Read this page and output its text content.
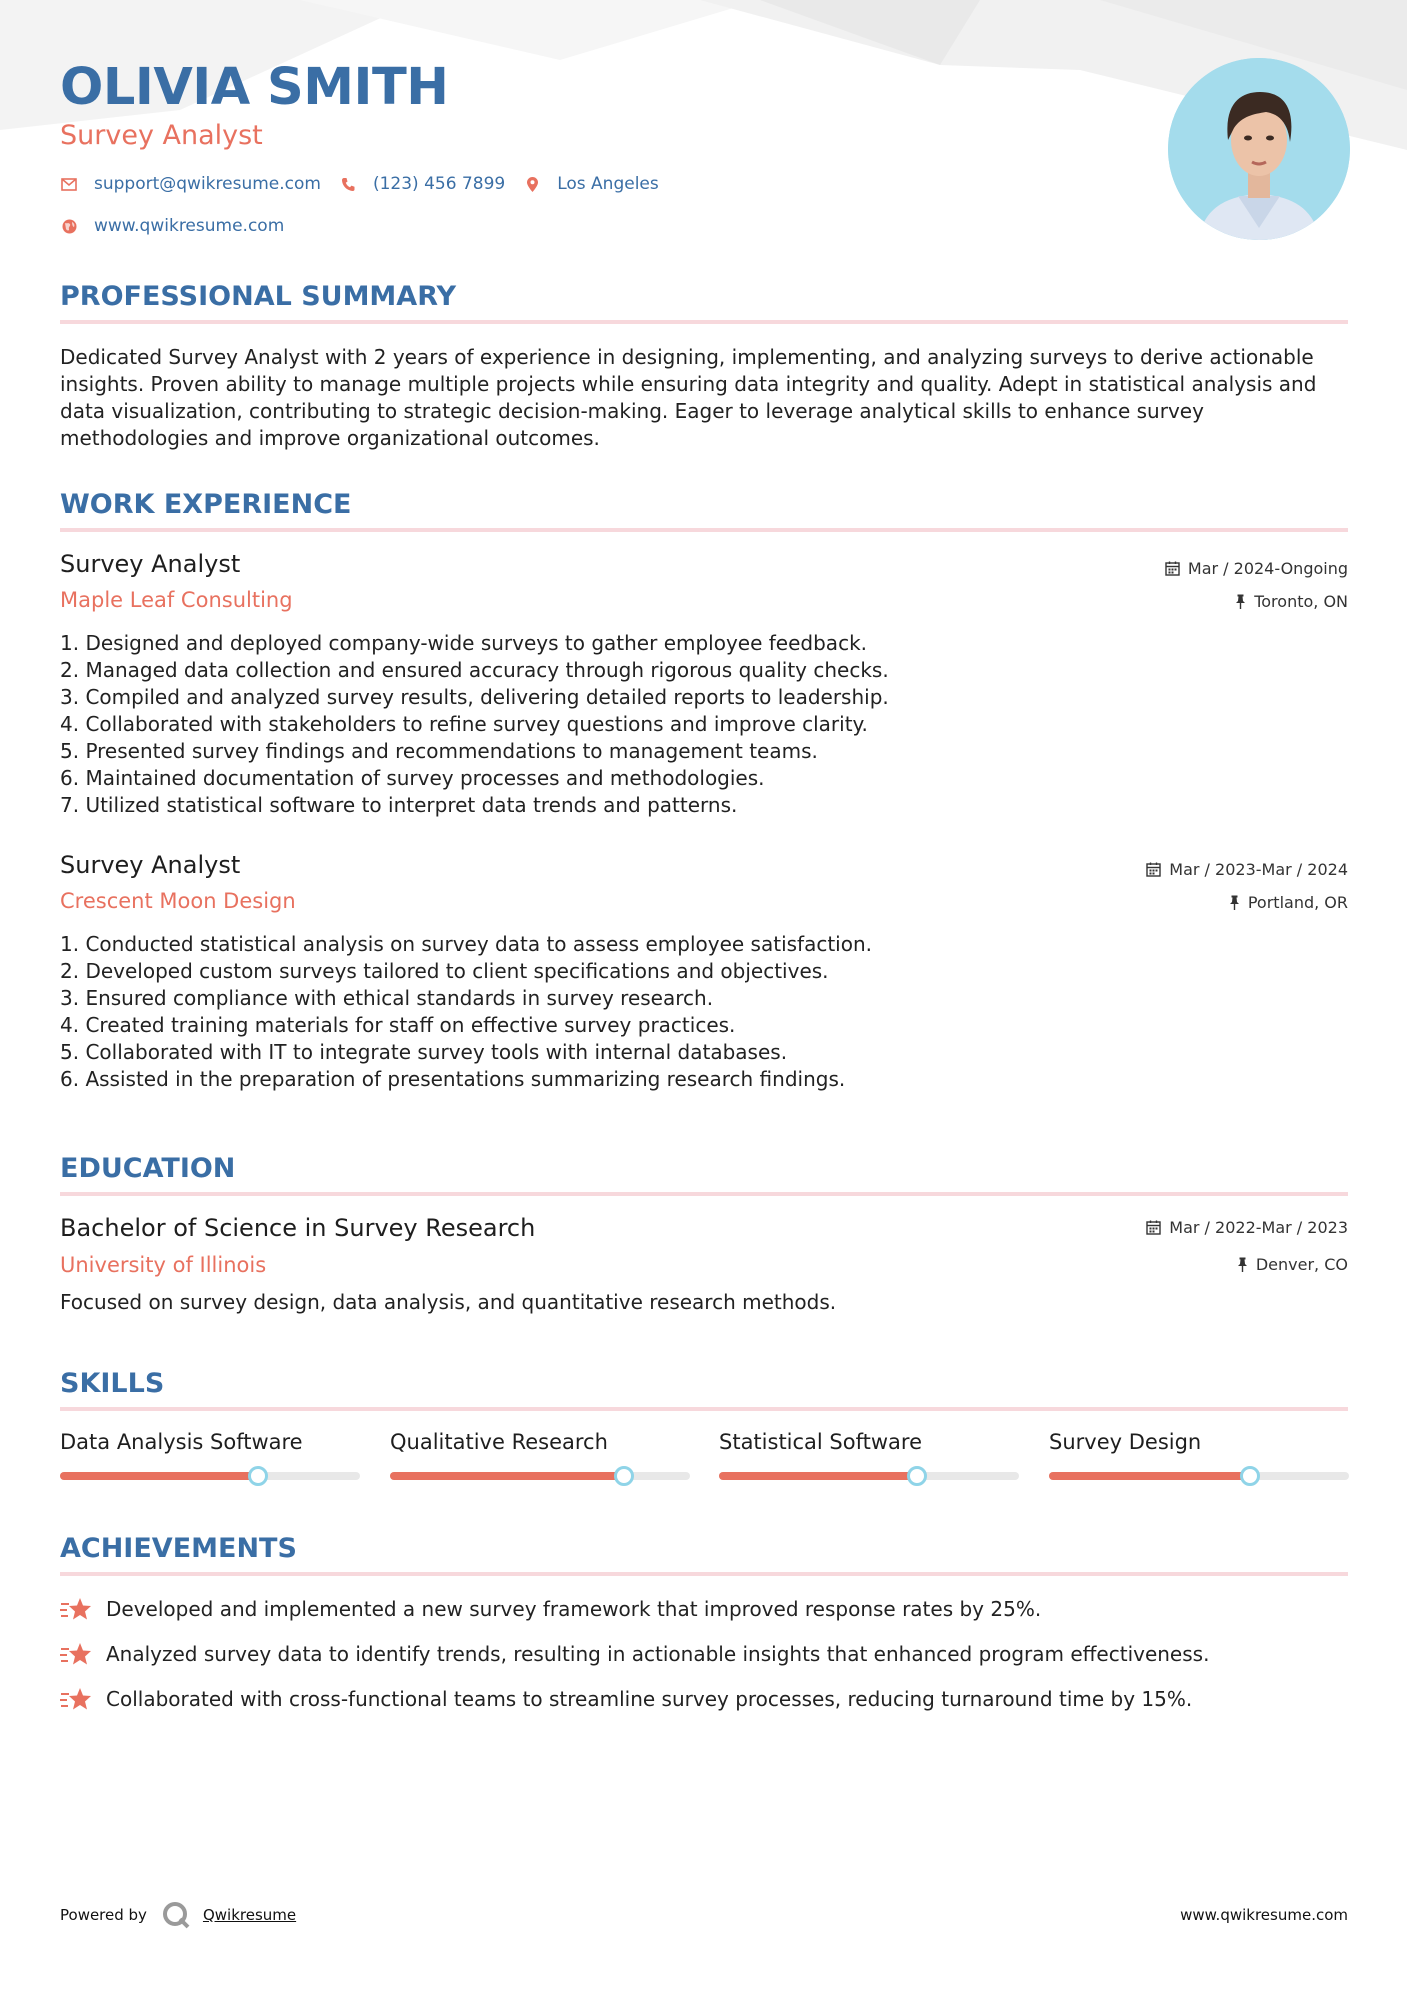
OLIVIA SMITH
Survey Analyst
support@qwikresume.com	(123) 456 7899	Los Angeles
www.qwikresume.com
PROFESSIONAL SUMMARY
Dedicated Survey Analyst with 2 years of experience in designing, implementing, and analyzing surveys to derive actionable insights. Proven ability to manage multiple projects while ensuring data integrity and quality. Adept in statistical analysis and data visualization, contributing to strategic decision-making. Eager to leverage analytical skills to enhance survey methodologies and improve organizational outcomes.
WORK EXPERIENCE
Survey Analyst
Maple Leaf Consulting
Mar / 2024-Ongoing
Toronto, ON
1. Designed and deployed company-wide surveys to gather employee feedback.
2. Managed data collection and ensured accuracy through rigorous quality checks.
3. Compiled and analyzed survey results, delivering detailed reports to leadership.
4. Collaborated with stakeholders to refine survey questions and improve clarity.
5. Presented survey findings and recommendations to management teams.
6. Maintained documentation of survey processes and methodologies.
7. Utilized statistical software to interpret data trends and patterns.
Survey Analyst
Crescent Moon Design
Mar / 2023-Mar / 2024
Portland, OR
1. Conducted statistical analysis on survey data to assess employee satisfaction.
2. Developed custom surveys tailored to client specifications and objectives.
3. Ensured compliance with ethical standards in survey research.
4. Created training materials for staff on effective survey practices.
5. Collaborated with IT to integrate survey tools with internal databases.
6. Assisted in the preparation of presentations summarizing research findings.
EDUCATION
Bachelor of Science in Survey Research
University of Illinois
Mar / 2022-Mar / 2023
Denver, CO
Focused on survey design, data analysis, and quantitative research methods.
SKILLS
Data Analysis Software	Qualitative Research	Statistical Software	Survey Design
ACHIEVEMENTS
Developed and implemented a new survey framework that improved response rates by 25%.
Analyzed survey data to identify trends, resulting in actionable insights that enhanced program effectiveness.
Collaborated with cross-functional teams to streamline survey processes, reducing turnaround time by 15%.
Powered by	Qwikresume	www.qwikresume.com
